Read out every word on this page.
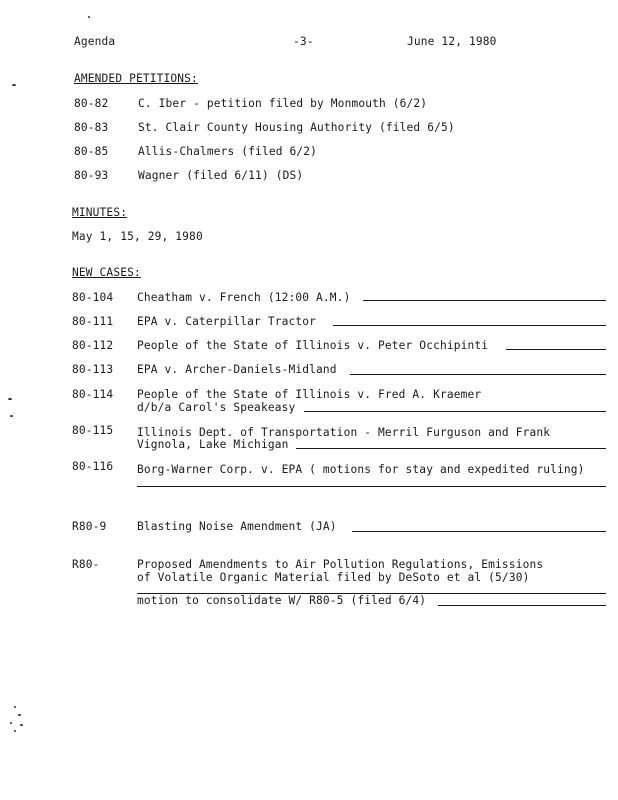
Agenda	-3-	June 12, 1980
AMENDED PETITIONS:
80-82	C. Iber - petition filed by Monmouth (6/2)
80-83	St. Clair County Housing Authority (filed 6/5)
80-85	Allis-Chalmers (filed 6/2)
80-93	Wagner (filed 6/11) (DS)
MINUTES:
May 1, 15, 29, 1980
NEW CASES:
80-104 Cheatham v. French (12:00 A.M.)
80-111 EPA v. Caterpillar Tractor
80-112 People of the State of Illinois v. Peter Occhipinti
80-113 EPA v. Archer-Daniels-Midland
80-114 People of the State of Illinois v. Fred A. Kraemer
d/b/a Carol's Speakeasy
80-115 Illinois Dept. of Transportation - Merril Furguson and Frank
Vignola, Lake Michigan
80-116 Borg-Warner Corp. v. EPA ( motions for stay and expedited ruling)
R80-9	Blasting Noise Amendment (JA)
R80-	Proposed Amendments to Air Pollution Regulations, Emissions
of Volatile Organic Material filed by DeSoto et al (5/30)
motion to consolidate W/ R80-5 (filed 6/4)
